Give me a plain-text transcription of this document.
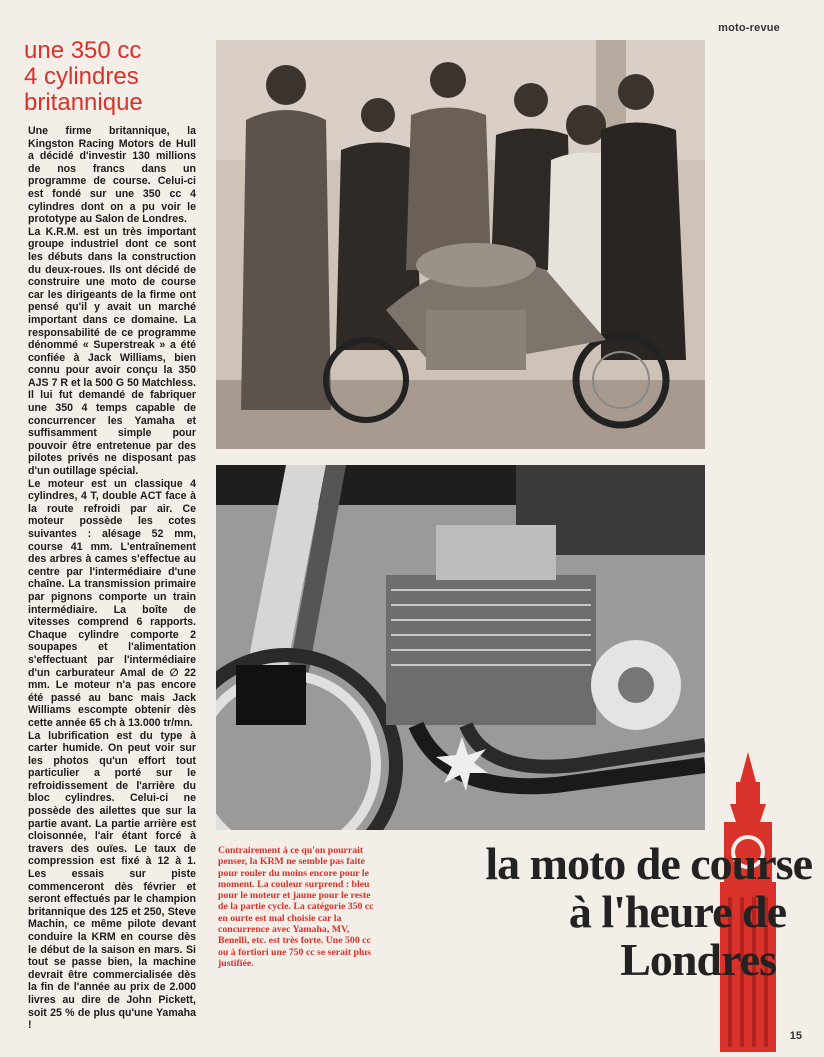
moto-revue
une 350 cc
4 cylindres
britannique

Une firme britannique, la Kingston Racing Motors de Hull a décidé d'investir 130 millions de nos francs dans un programme de course. Celui-ci est fondé sur une 350 cc 4 cylindres dont on a pu voir le prototype au Salon de Londres.

La K.R.M. est un très important groupe industriel dont ce sont les débuts dans la construction du deux-roues. Ils ont décidé de construire une moto de course car les dirigeants de la firme ont pensé qu'il y avait un marché important dans ce domaine. La responsabilité de ce programme dénommé « Superstreak » a été confiée à Jack Williams, bien connu pour avoir conçu la 350 AJS 7 R et la 500 G 50 Matchless. Il lui fut demandé de fabriquer une 350 4 temps capable de concurrencer les Yamaha et suffisamment simple pour pouvoir être entretenue par des pilotes privés ne disposant pas d'un outillage spécial.

Le moteur est un classique 4 cylindres, 4 T, double ACT face à la route refroidi par air. Ce moteur possède les cotes suivantes : alésage 52 mm, course 41 mm. L'entraînement des arbres à cames s'effectue au centre par l'intermédiaire d'une chaîne. La transmission primaire par pignons comporte un train intermédiaire. La boîte de vitesses comprend 6 rapports. Chaque cylindre comporte 2 soupapes et l'alimentation s'effectuant par l'intermédiaire d'un carburateur Amal de ∅ 22 mm. Le moteur n'a pas encore été passé au banc mais Jack Williams escompte obtenir dès cette année 65 ch à 13.000 tr/mn.

La lubrification est du type à carter humide. On peut voir sur les photos qu'un effort tout particulier a porté sur le refroidissement de l'arrière du bloc cylindres. Celui-ci ne possède des ailettes que sur la partie avant. La partie arrière est cloisonnée, l'air étant forcé à travers des ouïes. Le taux de compression est fixé à 12 à 1. Les essais sur piste commenceront dès février et seront effectués par le champion britannique des 125 et 250, Steve Machin, ce même pilote devant conduire la KRM en course dès le début de la saison en mars. Si tout se passe bien, la machine devrait être commercialisée dès la fin de l'année au prix de 2.000 livres au dire de John Pickett, soit 25 % de plus qu'une Yamaha !

Contrairement à ce qu'on pourrait penser, la KRM ne semble pas faite pour rouler du moins encore pour le moment. La couleur surprend : bleu pour le moteur et jaune pour le reste de la partie cycle. La catégorie 350 cc en ourte est mal choisie car la concurrence avec Yamaha, MV, Benelli, etc. est très forte. Une 500 cc ou à fortiori une 750 cc se serait plus justifiée.
la moto de course
à l'heure de
Londres
15
